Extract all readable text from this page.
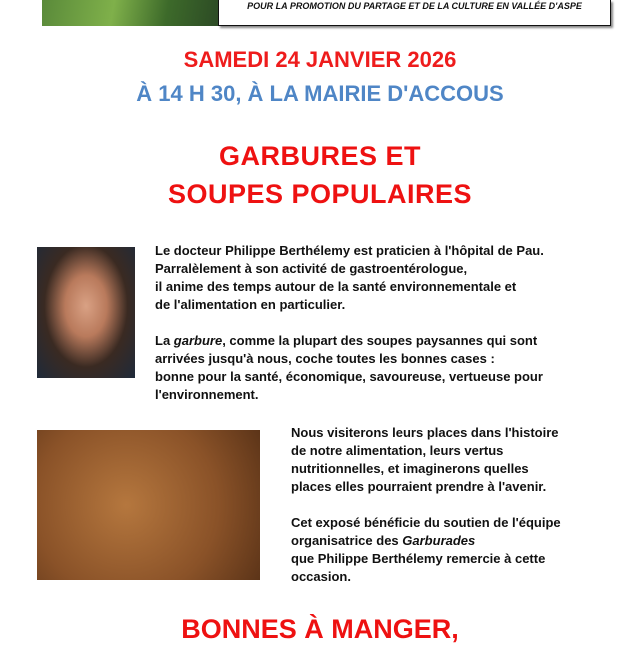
POUR LA PROMOTION DU PARTAGE ET DE LA CULTURE EN VALLÉE D'ASPE
SAMEDI 24 JANVIER 2026
À 14 H 30, À LA MAIRIE D'ACCOUS
GARBURES ET
SOUPES POPULAIRES
Le docteur Philippe Berthélemy est praticien à l'hôpital de Pau.
Parralèlement à son activité de gastroentérologue,
il anime des temps autour de la santé environnementale et
de l'alimentation en particulier.
La garbure, comme la plupart des soupes paysannes qui sont
arrivées jusqu'à nous, coche toutes les bonnes cases :
bonne pour la santé, économique, savoureuse, vertueuse pour
l'environnement.
Nous visiterons leurs places dans l'histoire
de notre alimentation, leurs vertus
nutritionnelles, et imaginerons quelles
places elles pourraient prendre à l'avenir.
Cet exposé bénéficie du soutien de l'équipe
organisatrice des Garburades
que Philippe Berthélemy remercie à cette
occasion.
BONNES À MANGER,
